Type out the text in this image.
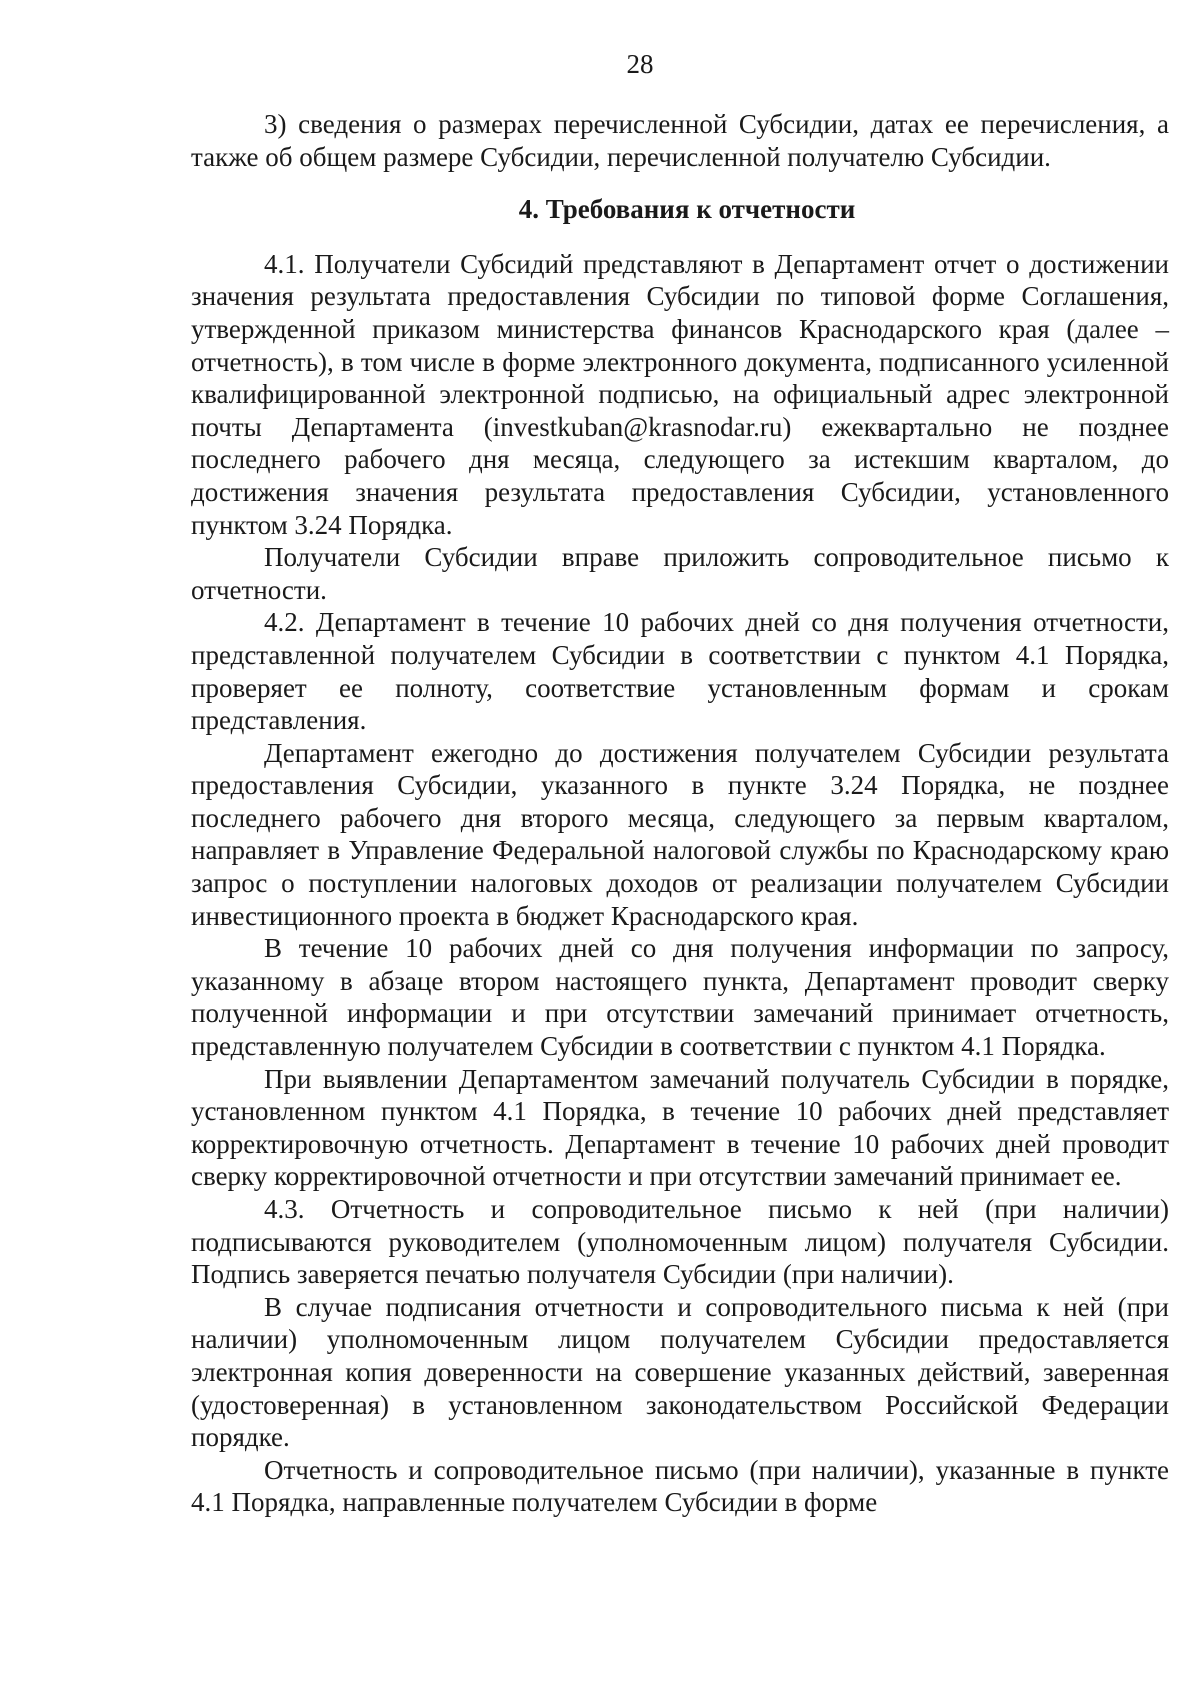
28

3) сведения о размерах перечисленной Субсидии, датах ее перечисления, а также об общем размере Субсидии, перечисленной получателю Субсидии.

4. Требования к отчетности

4.1. Получатели Субсидий представляют в Департамент отчет о достижении значения результата предоставления Субсидии по типовой форме Соглашения, утвержденной приказом министерства финансов Краснодарского края (далее – отчетность), в том числе в форме электронного документа, подписанного усиленной квалифицированной электронной подписью, на официальный адрес электронной почты Департамента (investkuban@krasnodar.ru) ежеквартально не позднее последнего рабочего дня месяца, следующего за истекшим кварталом, до достижения значения результата предоставления Субсидии, установленного пунктом 3.24 Порядка.

Получатели Субсидии вправе приложить сопроводительное письмо к отчетности.

4.2. Департамент в течение 10 рабочих дней со дня получения отчетности, представленной получателем Субсидии в соответствии с пунктом 4.1 Порядка, проверяет ее полноту, соответствие установленным формам и срокам представления.

Департамент ежегодно до достижения получателем Субсидии результата предоставления Субсидии, указанного в пункте 3.24 Порядка, не позднее последнего рабочего дня второго месяца, следующего за первым кварталом, направляет в Управление Федеральной налоговой службы по Краснодарскому краю запрос о поступлении налоговых доходов от реализации получателем Субсидии инвестиционного проекта в бюджет Краснодарского края.

В течение 10 рабочих дней со дня получения информации по запросу, указанному в абзаце втором настоящего пункта, Департамент проводит сверку полученной информации и при отсутствии замечаний принимает отчетность, представленную получателем Субсидии в соответствии с пунктом 4.1 Порядка.

При выявлении Департаментом замечаний получатель Субсидии в порядке, установленном пунктом 4.1 Порядка, в течение 10 рабочих дней представляет корректировочную отчетность. Департамент в течение 10 рабочих дней проводит сверку корректировочной отчетности и при отсутствии замечаний принимает ее.

4.3. Отчетность и сопроводительное письмо к ней (при наличии) подписываются руководителем (уполномоченным лицом) получателя Субсидии. Подпись заверяется печатью получателя Субсидии (при наличии).

В случае подписания отчетности и сопроводительного письма к ней (при наличии) уполномоченным лицом получателем Субсидии предоставляется электронная копия доверенности на совершение указанных действий, заверенная (удостоверенная) в установленном законодательством Российской Федерации порядке.

Отчетность и сопроводительное письмо (при наличии), указанные в пункте 4.1 Порядка, направленные получателем Субсидии в форме
